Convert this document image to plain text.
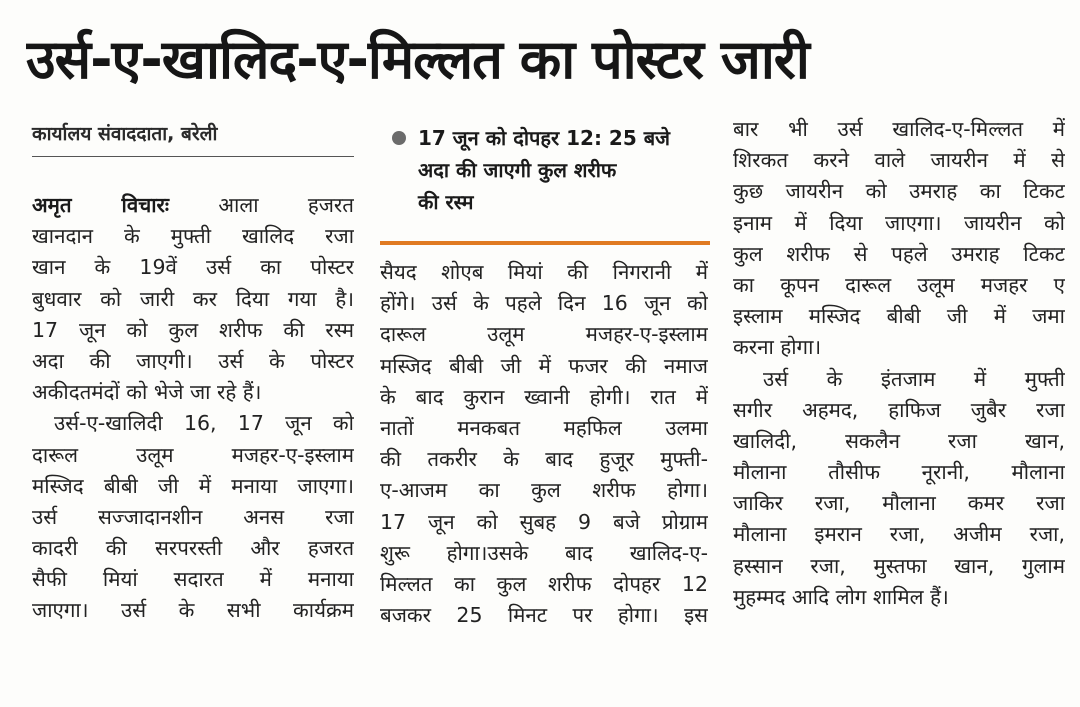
उर्स-ए-खालिद-ए-मिल्लत का पोस्टर जारी
कार्यालय संवाददाता, बरेली
अमृत विचारः आला हजरत
खानदान के मुफ्ती खालिद रजा
खान के 19वें उर्स का पोस्टर
बुधवार को जारी कर दिया गया है।
17 जून को कुल शरीफ की रस्म
अदा की जाएगी। उर्स के पोस्टर
अकीदतमंदों को भेजे जा रहे हैं।
उर्स-ए-खालिदी 16, 17 जून को
दारूल उलूम मजहर-ए-इस्लाम
मस्जिद बीबी जी में मनाया जाएगा।
उर्स सज्जादानशीन अनस रजा
कादरी की सरपरस्ती और हजरत
सैफी मियां सदारत में मनाया
जाएगा। उर्स के सभी कार्यक्रम
17 जून को दोपहर 12: 25 बजे
अदा की जाएगी कुल शरीफ
की रस्म
सैयद शोएब मियां की निगरानी में
होंगे। उर्स के पहले दिन 16 जून को
दारूल उलूम मजहर-ए-इस्लाम
मस्जिद बीबी जी में फजर की नमाज
के बाद कुरान ख्वानी होगी। रात में
नातों मनकबत महफिल उलमा
की तकरीर के बाद हुजूर मुफ्ती-
ए-आजम का कुल शरीफ होगा।
17 जून को सुबह 9 बजे प्रोग्राम
शुरू होगा।उसके बाद खालिद-ए-
मिल्लत का कुल शरीफ दोपहर 12
बजकर 25 मिनट पर होगा। इस
बार भी उर्स खालिद-ए-मिल्लत में
शिरकत करने वाले जायरीन में से
कुछ जायरीन को उमराह का टिकट
इनाम में दिया जाएगा। जायरीन को
कुल शरीफ से पहले उमराह टिकट
का कूपन दारूल उलूम मजहर ए
इस्लाम मस्जिद बीबी जी में जमा
करना होगा।
उर्स के इंतजाम में मुफ्ती
सगीर अहमद, हाफिज जुबैर रजा
खालिदी, सकलैन रजा खान,
मौलाना तौसीफ नूरानी, मौलाना
जाकिर रजा, मौलाना कमर रजा
मौलाना इमरान रजा, अजीम रजा,
हस्सान रजा, मुस्तफा खान, गुलाम
मुहम्मद आदि लोग शामिल हैं।
